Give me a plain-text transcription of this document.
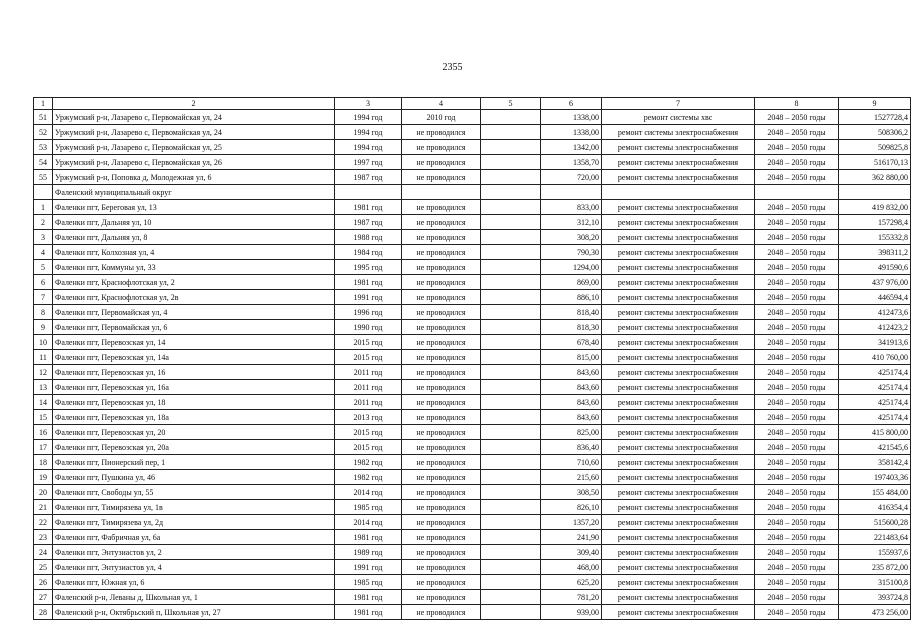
2355
1	2	3	4	5	6	7	8	9
51	Уржумский р-н, Лазарево с, Первомайская ул, 24	1994 год	2010 год		1338,00	ремонт системы хвс	2048 – 2050 годы	1527728,4
52	Уржумский р-н, Лазарево с, Первомайская ул, 24	1994 год	не проводился		1338,00	ремонт системы электроснабжения	2048 – 2050 годы	508306,2
53	Уржумский р-н, Лазарево с, Первомайская ул, 25	1994 год	не проводился		1342,00	ремонт системы электроснабжения	2048 – 2050 годы	509825,8
54	Уржумский р-н, Лазарево с, Первомайская ул, 26	1997 год	не проводился		1358,70	ремонт системы электроснабжения	2048 – 2050 годы	516170,13
55	Уржумский р-н, Поповка д, Молодежная ул, 6	1987 год	не проводился		720,00	ремонт системы электроснабжения	2048 – 2050 годы	362 880,00
	Фаленский муниципальный округ							
1	Фаленки пгт, Береговая ул, 13	1981 год	не проводился		833,00	ремонт системы электроснабжения	2048 – 2050 годы	419 832,00
2	Фаленки пгт, Дальняя ул, 10	1987 год	не проводился		312,10	ремонт системы электроснабжения	2048 – 2050 годы	157298,4
3	Фаленки пгт, Дальняя ул, 8	1988 год	не проводился		308,20	ремонт системы электроснабжения	2048 – 2050 годы	155332,8
4	Фаленки пгт, Колхозная ул, 4	1984 год	не проводился		790,30	ремонт системы электроснабжения	2048 – 2050 годы	398311,2
5	Фаленки пгт, Коммуны ул, 33	1995 год	не проводился		1294,00	ремонт системы электроснабжения	2048 – 2050 годы	491590,6
6	Фаленки пгт, Краснофлотская ул, 2	1981 год	не проводился		869,00	ремонт системы электроснабжения	2048 – 2050 годы	437 976,00
7	Фаленки пгт, Краснофлотская ул, 2в	1991 год	не проводился		886,10	ремонт системы электроснабжения	2048 – 2050 годы	446594,4
8	Фаленки пгт, Первомайская ул, 4	1996 год	не проводился		818,40	ремонт системы электроснабжения	2048 – 2050 годы	412473,6
9	Фаленки пгт, Первомайская ул, 6	1990 год	не проводился		818,30	ремонт системы электроснабжения	2048 – 2050 годы	412423,2
10	Фаленки пгт, Перевозская ул, 14	2015 год	не проводился		678,40	ремонт системы электроснабжения	2048 – 2050 годы	341913,6
11	Фаленки пгт, Перевозская ул, 14а	2015 год	не проводился		815,00	ремонт системы электроснабжения	2048 – 2050 годы	410 760,00
12	Фаленки пгт, Перевозская ул, 16	2011 год	не проводился		843,60	ремонт системы электроснабжения	2048 – 2050 годы	425174,4
13	Фаленки пгт, Перевозская ул, 16а	2011 год	не проводился		843,60	ремонт системы электроснабжения	2048 – 2050 годы	425174,4
14	Фаленки пгт, Перевозская ул, 18	2011 год	не проводился		843,60	ремонт системы электроснабжения	2048 – 2050 годы	425174,4
15	Фаленки пгт, Перевозская ул, 18а	2013 год	не проводился		843,60	ремонт системы электроснабжения	2048 – 2050 годы	425174,4
16	Фаленки пгт, Перевозская ул, 20	2015 год	не проводился		825,00	ремонт системы электроснабжения	2048 – 2050 годы	415 800,00
17	Фаленки пгт, Перевозская ул, 20а	2015 год	не проводился		836,40	ремонт системы электроснабжения	2048 – 2050 годы	421545,6
18	Фаленки пгт, Пионерский пер, 1	1982 год	не проводился		710,60	ремонт системы электроснабжения	2048 – 2050 годы	358142,4
19	Фаленки пгт, Пушкина ул, 46	1982 год	не проводился		215,60	ремонт системы электроснабжения	2048 – 2050 годы	197403,36
20	Фаленки пгт, Свободы ул, 55	2014 год	не проводился		308,50	ремонт системы электроснабжения	2048 – 2050 годы	155 484,00
21	Фаленки пгт, Тимирязева ул, 1в	1985 год	не проводился		826,10	ремонт системы электроснабжения	2048 – 2050 годы	416354,4
22	Фаленки пгт, Тимирязева ул, 2д	2014 год	не проводился		1357,20	ремонт системы электроснабжения	2048 – 2050 годы	515600,28
23	Фаленки пгт, Фабричная ул, 6а	1981 год	не проводился		241,90	ремонт системы электроснабжения	2048 – 2050 годы	221483,64
24	Фаленки пгт, Энтузиастов ул, 2	1989 год	не проводился		309,40	ремонт системы электроснабжения	2048 – 2050 годы	155937,6
25	Фаленки пгт, Энтузиастов ул, 4	1991 год	не проводился		468,00	ремонт системы электроснабжения	2048 – 2050 годы	235 872,00
26	Фаленки пгт, Южная ул, 6	1985 год	не проводился		625,20	ремонт системы электроснабжения	2048 – 2050 годы	315100,8
27	Фаленский р-н, Леваны д, Школьная ул, 1	1981 год	не проводился		781,20	ремонт системы электроснабжения	2048 – 2050 годы	393724,8
28	Фаленский р-н, Октябрьский п, Школьная ул, 27	1981 год	не проводился		939,00	ремонт системы электроснабжения	2048 – 2050 годы	473 256,00
